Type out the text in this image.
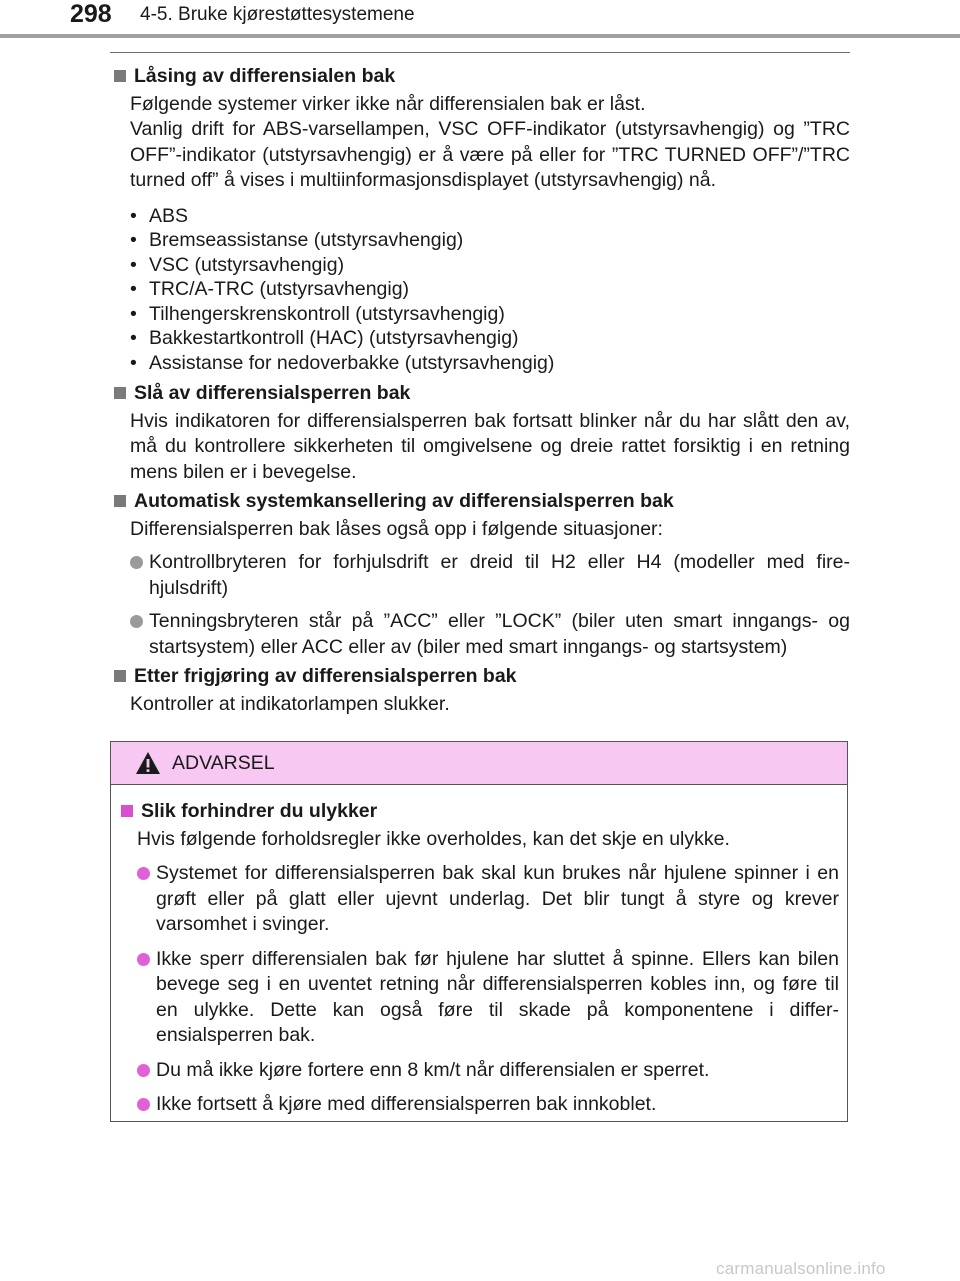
298 4-5. Bruke kjørestøttesystemene
Låsing av differensialen bak
Følgende systemer virker ikke når differensialen bak er låst.
Vanlig drift for ABS-varsellampen, VSC OFF-indikator (utstyrsavhengig) og ”TRC OFF”-indikator (utstyrsavhengig) er å være på eller for ”TRC TURNED OFF”/”TRC turned off” å vises i multiinformasjonsdisplayet (utstyrsavhengig) nå.
• ABS
• Bremseassistanse (utstyrsavhengig)
• VSC (utstyrsavhengig)
• TRC/A-TRC (utstyrsavhengig)
• Tilhengerskrenskontroll (utstyrsavhengig)
• Bakkestartkontroll (HAC) (utstyrsavhengig)
• Assistanse for nedoverbakke (utstyrsavhengig)
Slå av differensialsperren bak
Hvis indikatoren for differensialsperren bak fortsatt blinker når du har slått den av, må du kontrollere sikkerheten til omgivelsene og dreie rattet forsiktig i en retning mens bilen er i bevegelse.
Automatisk systemkansellering av differensialsperren bak
Differensialsperren bak låses også opp i følgende situasjoner:
Kontrollbryteren for forhjulsdrift er dreid til H2 eller H4 (modeller med fire-hjulsdrift)
Tenningsbryteren står på ”ACC” eller ”LOCK” (biler uten smart inngangs- og startsystem) eller ACC eller av (biler med smart inngangs- og startsystem)
Etter frigjøring av differensialsperren bak
Kontroller at indikatorlampen slukker.
ADVARSEL
Slik forhindrer du ulykker
Hvis følgende forholdsregler ikke overholdes, kan det skje en ulykke.
Systemet for differensialsperren bak skal kun brukes når hjulene spinner i en grøft eller på glatt eller ujevnt underlag. Det blir tungt å styre og krever varsomhet i svinger.
Ikke sperr differensialen bak før hjulene har sluttet å spinne. Ellers kan bilen bevege seg i en uventet retning når differensialsperren kobles inn, og føre til en ulykke. Dette kan også føre til skade på komponentene i differ-ensialsperren bak.
Du må ikke kjøre fortere enn 8 km/t når differensialen er sperret.
Ikke fortsett å kjøre med differensialsperren bak innkoblet.
carmanualsonline.info
